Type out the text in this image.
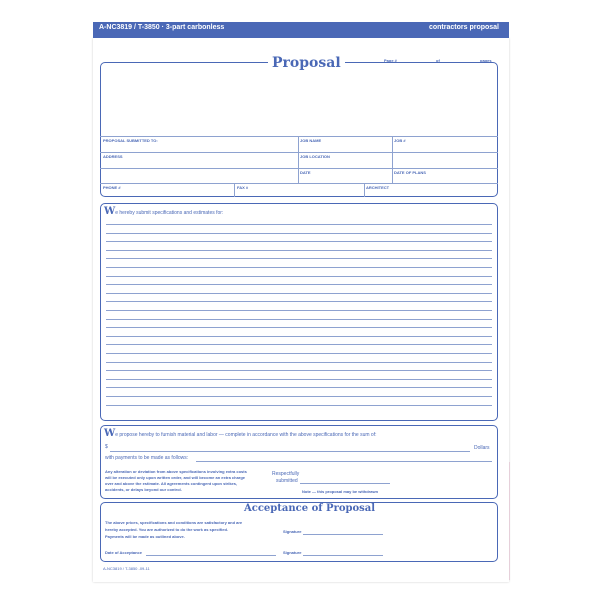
A-NC3819 / T-3850 · 3-part carbonless	contractors proposal
Proposal	Page #	of	pages
PROPOSAL SUBMITTED TO:	JOB NAME	JOB #
ADDRESS	JOB LOCATION
DATE	DATE OF PLANS
PHONE #	FAX #	ARCHITECT
We hereby submit specifications and estimates for:
We propose hereby to furnish material and labor — complete in accordance with the above specifications for the sum of:
$	Dollars
with payments to be made as follows:
Any alteration or deviation from above specifications involving extra costs
will be executed only upon written order, and will become an extra charge
over and above the estimate. All agreements contingent upon strikes,
accidents, or delays beyond our control.
Respectfully
submitted
Note — this proposal may be withdrawn
Acceptance of Proposal
The above prices, specifications and conditions are satisfactory and are
hereby accepted. You are authorized to do the work as specified.
Payments will be made as outlined above.
Signature
Date of Acceptance	Signature
A-NC3819 / T-3850 -09-11
